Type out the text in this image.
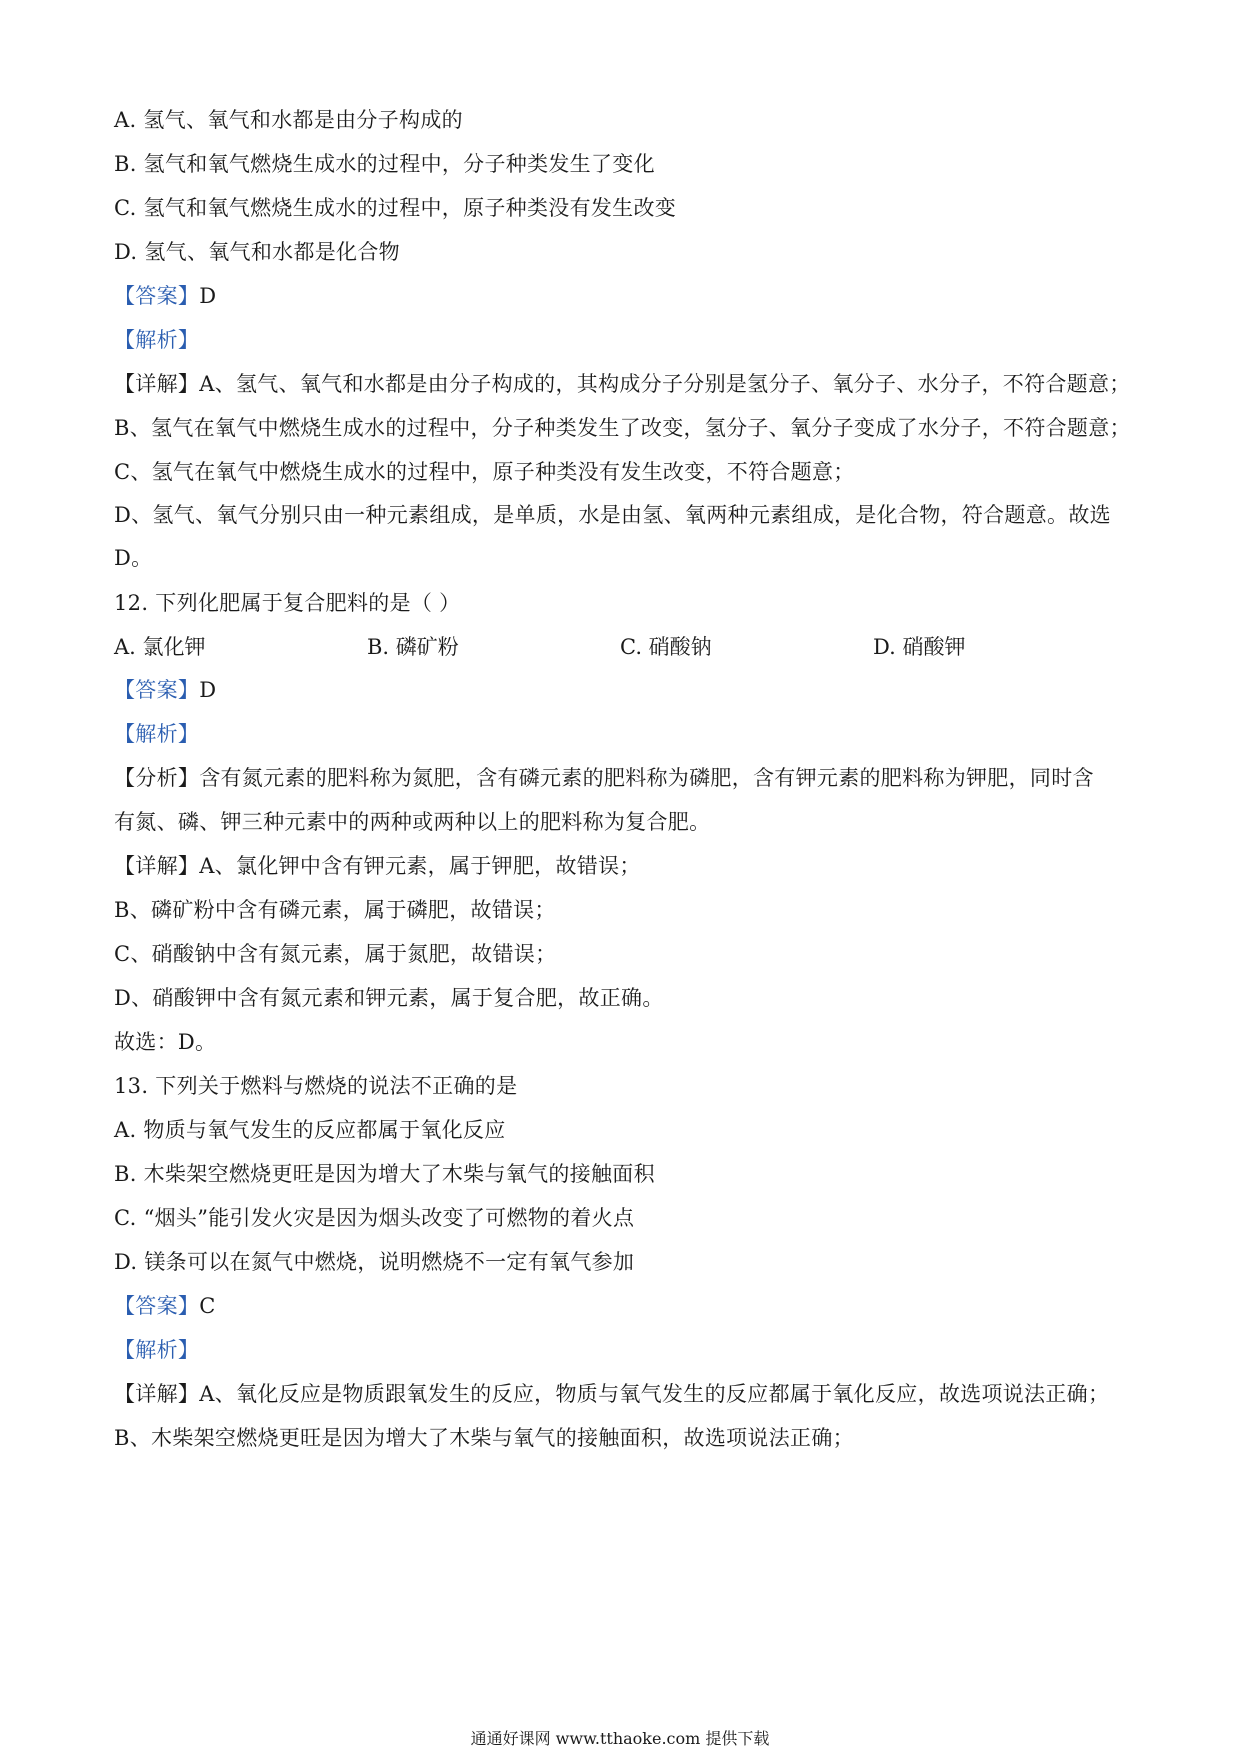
A. 氢气、氧气和水都是由分子构成的
B. 氢气和氧气燃烧生成水的过程中，分子种类发生了变化
C. 氢气和氧气燃烧生成水的过程中，原子种类没有发生改变
D. 氢气、氧气和水都是化合物
【答案】D
【解析】
【详解】A、氢气、氧气和水都是由分子构成的，其构成分子分别是氢分子、氧分子、水分子，不符合题意；
B、氢气在氧气中燃烧生成水的过程中，分子种类发生了改变，氢分子、氧分子变成了水分子，不符合题意；
C、氢气在氧气中燃烧生成水的过程中，原子种类没有发生改变，不符合题意；
D、氢气、氧气分别只由一种元素组成，是单质，水是由氢、氧两种元素组成，是化合物，符合题意。故选
D。
12. 下列化肥属于复合肥料的是（ ）
A. 氯化钾	B. 磷矿粉	C. 硝酸钠	D. 硝酸钾
【答案】D
【解析】
【分析】含有氮元素的肥料称为氮肥，含有磷元素的肥料称为磷肥，含有钾元素的肥料称为钾肥，同时含
有氮、磷、钾三种元素中的两种或两种以上的肥料称为复合肥。
【详解】A、氯化钾中含有钾元素，属于钾肥，故错误；
B、磷矿粉中含有磷元素，属于磷肥，故错误；
C、硝酸钠中含有氮元素，属于氮肥，故错误；
D、硝酸钾中含有氮元素和钾元素，属于复合肥，故正确。
故选：D。
13. 下列关于燃料与燃烧的说法不正确的是
A. 物质与氧气发生的反应都属于氧化反应
B. 木柴架空燃烧更旺是因为增大了木柴与氧气的接触面积
C. “烟头”能引发火灾是因为烟头改变了可燃物的着火点
D. 镁条可以在氮气中燃烧，说明燃烧不一定有氧气参加
【答案】C
【解析】
【详解】A、氧化反应是物质跟氧发生的反应，物质与氧气发生的反应都属于氧化反应，故选项说法正确；
B、木柴架空燃烧更旺是因为增大了木柴与氧气的接触面积，故选项说法正确；
通通好课网 www.tthaoke.com 提供下载
